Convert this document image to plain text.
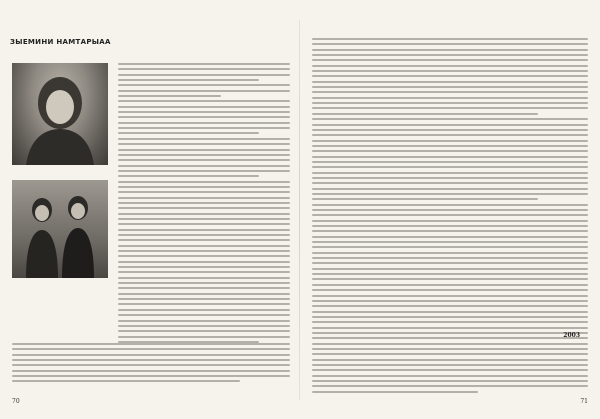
ЗЫЕМИНИ НАМТАРЫАА
70
2003
71
